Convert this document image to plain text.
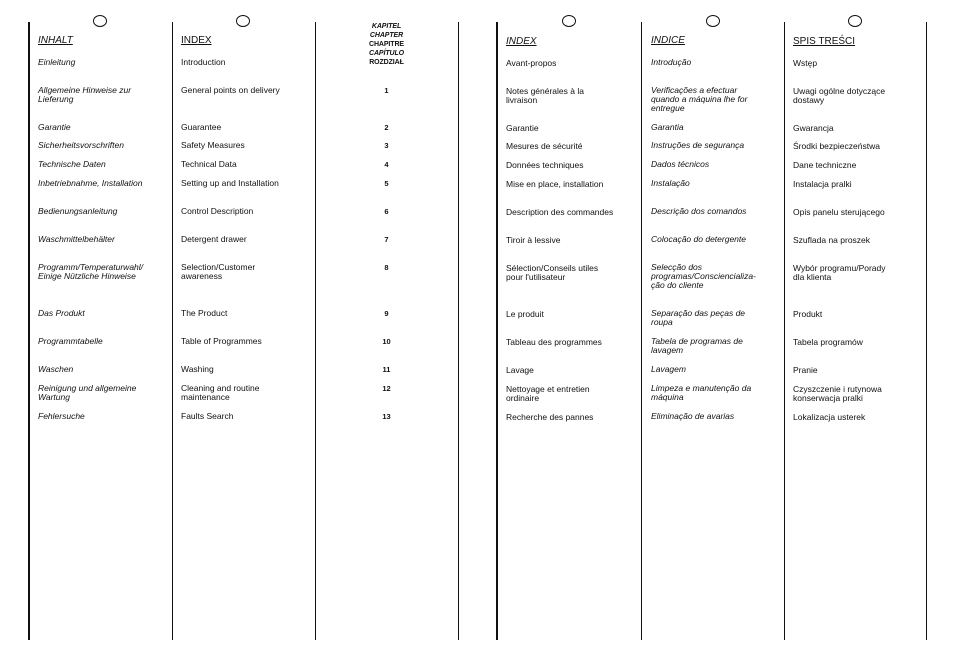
INHALT
Einleitung
Allgemeine Hinweise zur
Lieferung
Garantie
Sicherheitsvorschriften
Technische Daten
Inbetriebnahme, Installation
Bedienungsanleitung
Waschmittelbehälter
Programm/Temperaturwahl/
Einige Nützliche Hinweise
Das Produkt
Programmtabelle
Waschen
Reinigung und allgemeine
Wartung
Fehlersuche
INDEX
Introduction
General points on delivery
Guarantee
Safety Measures
Technical Data
Setting up and Installation
Control Description
Detergent drawer
Selection/Customer
awareness
The Product
Table of Programmes
Washing
Cleaning and routine
maintenance
Faults Search
KAPITEL
CHAPTER
CHAPITRE
CAPÍTULO
ROZDZIAŁ
1
2
3
4
5
6
7
8
9
10
11
12
13
INDEX
Avant-propos
Notes générales à la
livraison
Garantie
Mesures de sécurité
Données techniques
Mise en place, installation
Description des commandes
Tiroir à lessive
Sélection/Conseils utiles
pour l'utilisateur
Le produit
Tableau des programmes
Lavage
Nettoyage et entretien
ordinaire
Recherche des pannes
INDICE
Introdução
Verificações a efectuar
quando a máquina lhe for
entregue
Garantia
Instruções de segurança
Dados técnicos
Instalação
Descrição dos comandos
Colocação do detergente
Selecção dos
programas/Consciencializa-
ção do cliente
Separação das peças de
roupa
Tabela de programas de
lavagem
Lavagem
Limpeza e manutenção da
máquina
Eliminação de avarias
SPIS TREŚCI
Wstęp
Uwagi ogólne dotyczące
dostawy
Gwarancja
Środki bezpieczeństwa
Dane techniczne
Instalacja pralki
Opis panelu sterującego
Szuflada na proszek
Wybór programu/Porady
dla klienta
Produkt
Tabela programów
Pranie
Czyszczenie i rutynowa
konserwacja pralki
Lokalizacja usterek
